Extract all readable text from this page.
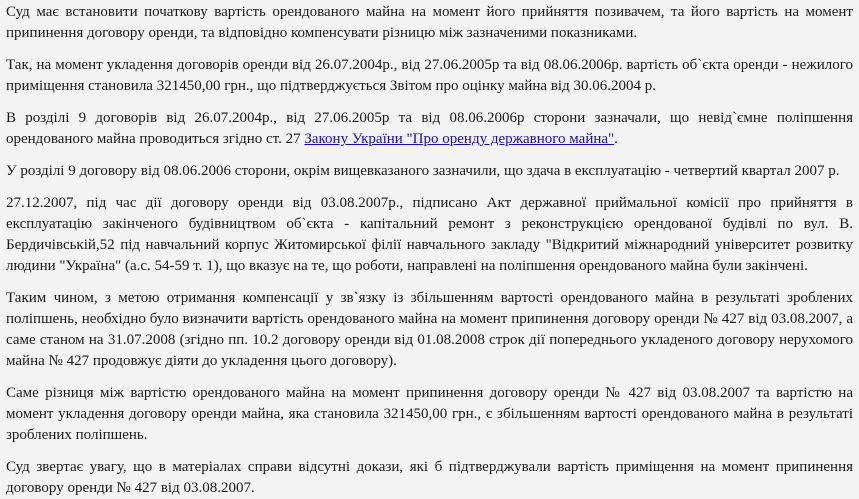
Суд має встановити початкову вартість орендованого майна на момент його прийняття позивачем, та його вартість на момент припинення договору оренди, та відповідно компенсувати різницю між зазначеними показниками.

Так, на момент укладення договорів оренди від 26.07.2004р., від 27.06.2005р та від 08.06.2006р. вартість об`єкта оренди - нежилого приміщення становила 321450,00 грн., що підтверджується Звітом про оцінку майна від 30.06.2004 р.

В розділі 9 договорів від 26.07.2004р., від 27.06.2005р та від 08.06.2006р сторони зазначали, що невід`ємне поліпшення орендованого майна проводиться згідно ст. 27 Закону України "Про оренду державного майна".

У розділі 9 договору від 08.06.2006 сторони, окрім вищевказаного зазначили, що здача в експлуатацію - четвертий квартал 2007 р.

27.12.2007, під час дії договору оренди від 03.08.2007р., підписано Акт державної приймальної комісії про прийняття в експлуатацію закінченого будівництвом об`єкта - капітальний ремонт з реконструкцією орендованої будівлі по вул. В. Бердичівській,52 під навчальний корпус Житомирської філії навчального закладу "Відкритий міжнародний університет розвитку людини "Україна" (а.с. 54-59 т. 1), що вказує на те, що роботи, направлені на поліпшення орендованого майна були закінчені.

Таким чином, з метою отримання компенсації у зв`язку із збільшенням вартості орендованого майна в результаті зроблених поліпшень, необхідно було визначити вартість орендованого майна на момент припинення договору оренди № 427 від 03.08.2007, а саме станом на 31.07.2008 (згідно пп. 10.2 договору оренди від 01.08.2008 строк дії попереднього укладеного договору нерухомого майна № 427 продовжує діяти до укладення цього договору).

Саме різниця між вартістю орендованого майна на момент припинення договору оренди № 427 від 03.08.2007 та вартістю на момент укладення договору оренди майна, яка становила 321450,00 грн., є збільшенням вартості орендованого майна в результаті зроблених поліпшень.

Суд звертає увагу, що в матеріалах справи відсутні докази, які б підтверджували вартість приміщення на момент припинення договору оренди № 427 від 03.08.2007.
